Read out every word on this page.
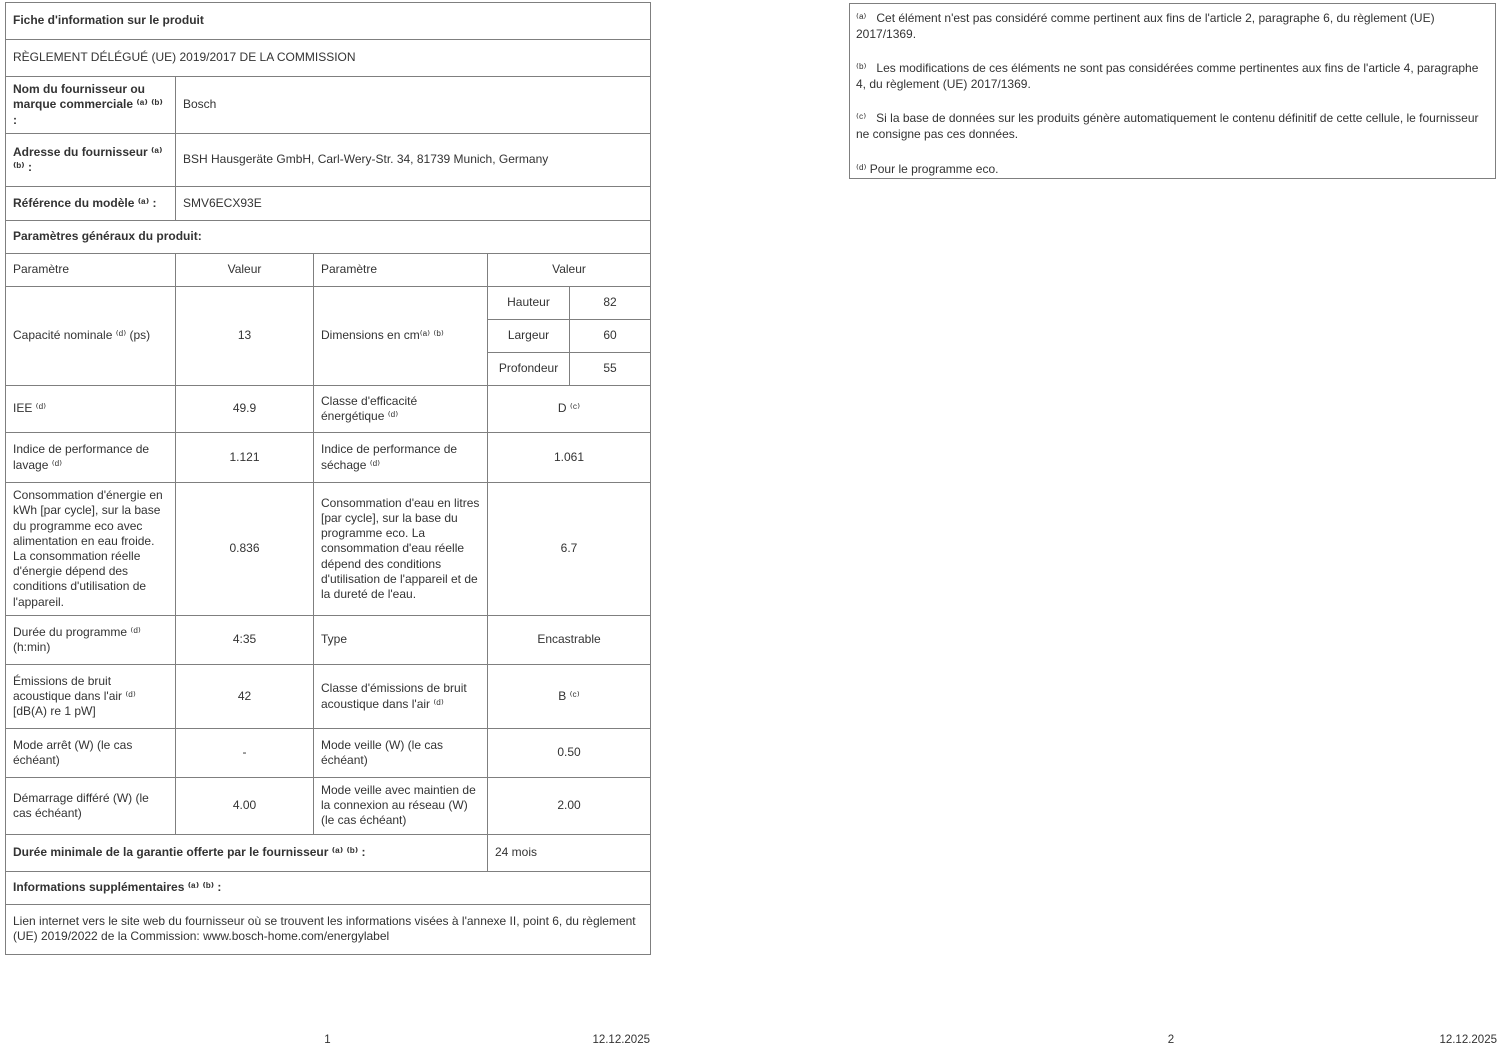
Fiche d'information sur le produit				
RÈGLEMENT DÉLÉGUÉ (UE) 2019/2017 DE LA COMMISSION				
Nom du fournisseur ou marque commerciale ⁽ᵃ⁾ ⁽ᵇ⁾ :	Bosch			
Adresse du fournisseur ⁽ᵃ⁾ ⁽ᵇ⁾ :	BSH Hausgeräte GmbH, Carl-Wery-Str. 34, 81739 Munich, Germany			
Référence du modèle ⁽ᵃ⁾ :	SMV6ECX93E			
Paramètres généraux du produit:				
Paramètre	Valeur	Paramètre	Valeur	
Capacité nominale ⁽ᵈ⁾ (ps)	13	Dimensions en cm⁽ᵃ⁾ ⁽ᵇ⁾	Hauteur	82
			Largeur	60
			Profondeur	55
IEE ⁽ᵈ⁾	49.9	Classe d'efficacité énergétique ⁽ᵈ⁾	D ⁽ᶜ⁾	
Indice de performance de lavage ⁽ᵈ⁾	1.121	Indice de performance de séchage ⁽ᵈ⁾	1.061	
Consommation d'énergie en kWh [par cycle], sur la base du programme eco avec alimentation en eau froide. La consommation réelle d'énergie dépend des conditions d'utilisation de l'appareil.	0.836	Consommation d'eau en litres [par cycle], sur la base du programme eco. La consommation d'eau réelle dépend des conditions d'utilisation de l'appareil et de la dureté de l'eau.	6.7	
Durée du programme ⁽ᵈ⁾ (h:min)	4:35	Type	Encastrable	
Émissions de bruit acoustique dans l'air ⁽ᵈ⁾ [dB(A) re 1 pW]	42	Classe d'émissions de bruit acoustique dans l'air ⁽ᵈ⁾	B ⁽ᶜ⁾	
Mode arrêt (W) (le cas échéant)	-	Mode veille (W) (le cas échéant)	0.50	
Démarrage différé (W) (le cas échéant)	4.00	Mode veille avec maintien de la connexion au réseau (W) (le cas échéant)	2.00	
Durée minimale de la garantie offerte par le fournisseur ⁽ᵃ⁾ ⁽ᵇ⁾ :			24 mois	
Informations supplémentaires ⁽ᵃ⁾ ⁽ᵇ⁾ :				
Lien internet vers le site web du fournisseur où se trouvent les informations visées à l'annexe II, point 6, du règlement (UE) 2019/2022 de la Commission: www.bosch-home.com/energylabel				

⁽ᵃ⁾   Cet élément n'est pas considéré comme pertinent aux fins de l'article 2, paragraphe 6, du règlement (UE) 2017/1369.

⁽ᵇ⁾   Les modifications de ces éléments ne sont pas considérées comme pertinentes aux fins de l'article 4, paragraphe 4, du règlement (UE) 2017/1369.

⁽ᶜ⁾   Si la base de données sur les produits génère automatiquement le contenu définitif de cette cellule, le fournisseur ne consigne pas ces données.

⁽ᵈ⁾ Pour le programme eco.

1	12.12.2025	2	12.12.2025
